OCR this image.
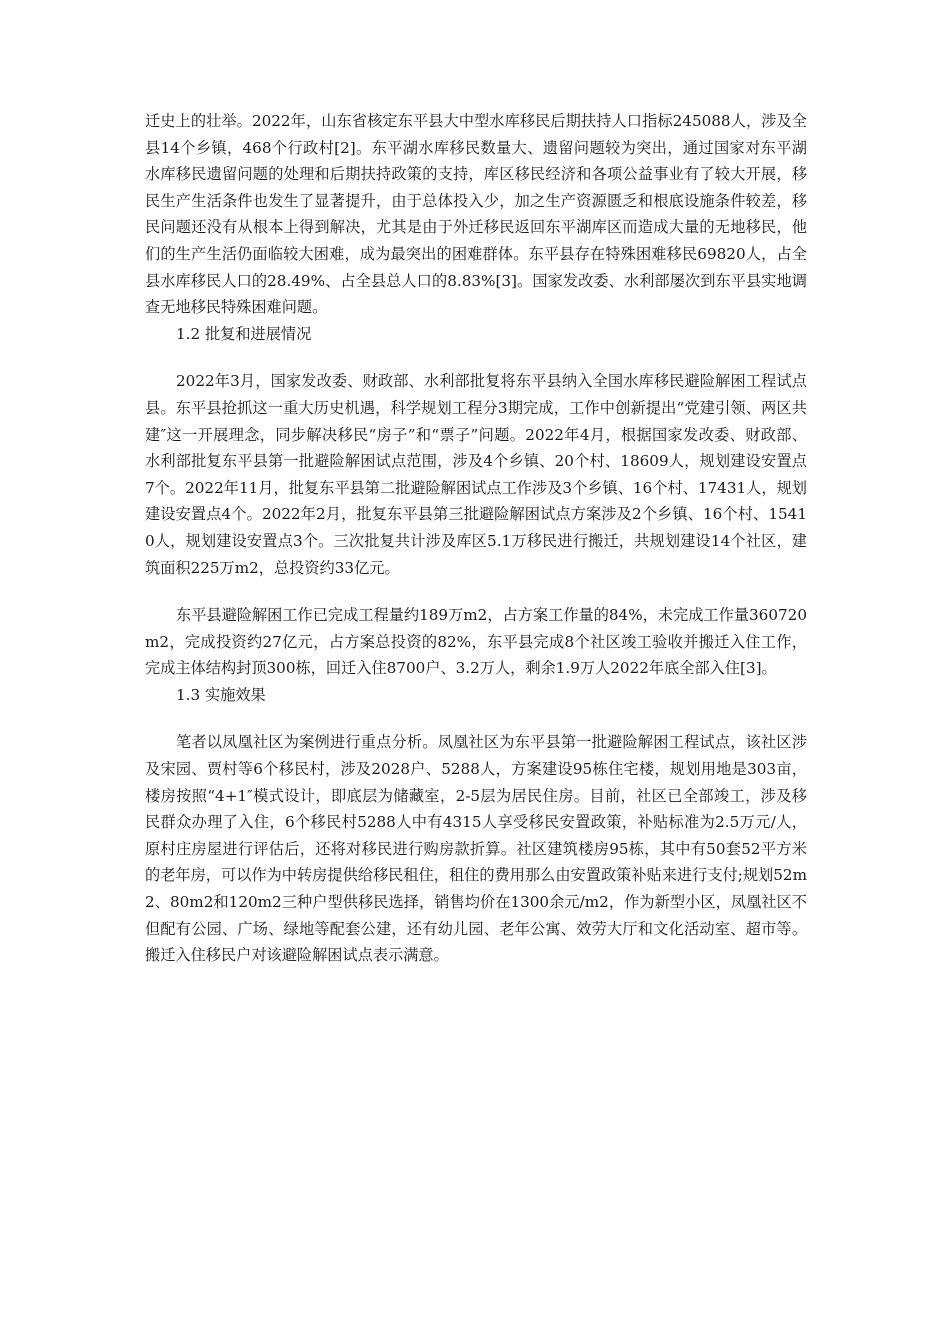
迁史上的壮举。2022年，山东省核定东平县大中型水库移民后期扶持人口指标245088人，涉及全县14个乡镇，468个行政村[2]。东平湖水库移民数量大、遗留问题较为突出，通过国家对东平湖水库移民遗留问题的处理和后期扶持政策的支持，库区移民经济和各项公益事业有了较大开展，移民生产生活条件也发生了显著提升，由于总体投入少，加之生产资源匮乏和根底设施条件较差，移民问题还没有从根本上得到解决，尤其是由于外迁移民返回东平湖库区而造成大量的无地移民，他们的生产生活仍面临较大困难，成为最突出的困难群体。东平县存在特殊困难移民69820人，占全县水库移民人口的28.49%、占全县总人口的8.83%[3]。国家发改委、水利部屡次到东平县实地调查无地移民特殊困难问题。

1.2 批复和进展情况

2022年3月，国家发改委、财政部、水利部批复将东平县纳入全国水库移民避险解困工程试点县。东平县抢抓这一重大历史机遇，科学规划工程分3期完成，工作中创新提出“党建引领、两区共建″这一开展理念，同步解决移民“房子”和“票子”问题。2022年4月，根据国家发改委、财政部、水利部批复东平县第一批避险解困试点范围，涉及4个乡镇、20个村、18609人，规划建设安置点7个。2022年11月，批复东平县第二批避险解困试点工作涉及3个乡镇、16个村、17431人，规划建设安置点4个。2022年2月，批复东平县第三批避险解困试点方案涉及2个乡镇、16个村、15410人，规划建设安置点3个。三次批复共计涉及库区5.1万移民进行搬迁，共规划建设14个社区，建筑面积225万m2，总投资约33亿元。

东平县避险解困工作已完成工程量约189万m2，占方案工作量的84%，未完成工作量360720m2，完成投资约27亿元，占方案总投资的82%，东平县完成8个社区竣工验收并搬迁入住工作，完成主体结构封顶300栋，回迁入住8700户、3.2万人，剩余1.9万人2022年底全部入住[3]。

1.3 实施效果

笔者以凤凰社区为案例进行重点分析。凤凰社区为东平县第一批避险解困工程试点，该社区涉及宋园、贾村等6个移民村，涉及2028户、5288人，方案建设95栋住宅楼，规划用地是303亩，楼房按照“4+1″模式设计，即底层为储藏室，2-5层为居民住房。目前，社区已全部竣工，涉及移民群众办理了入住，6个移民村5288人中有4315人享受移民安置政策，补贴标准为2.5万元/人，原村庄房屋进行评估后，还将对移民进行购房款折算。社区建筑楼房95栋，其中有50套52平方米的老年房，可以作为中转房提供给移民租住，租住的费用那么由安置政策补贴来进行支付;规划52m2、80m2和120m2三种户型供移民选择，销售均价在1300余元/m2，作为新型小区，凤凰社区不但配有公园、广场、绿地等配套公建，还有幼儿园、老年公寓、效劳大厅和文化活动室、超市等。搬迁入住移民户对该避险解困试点表示满意。
